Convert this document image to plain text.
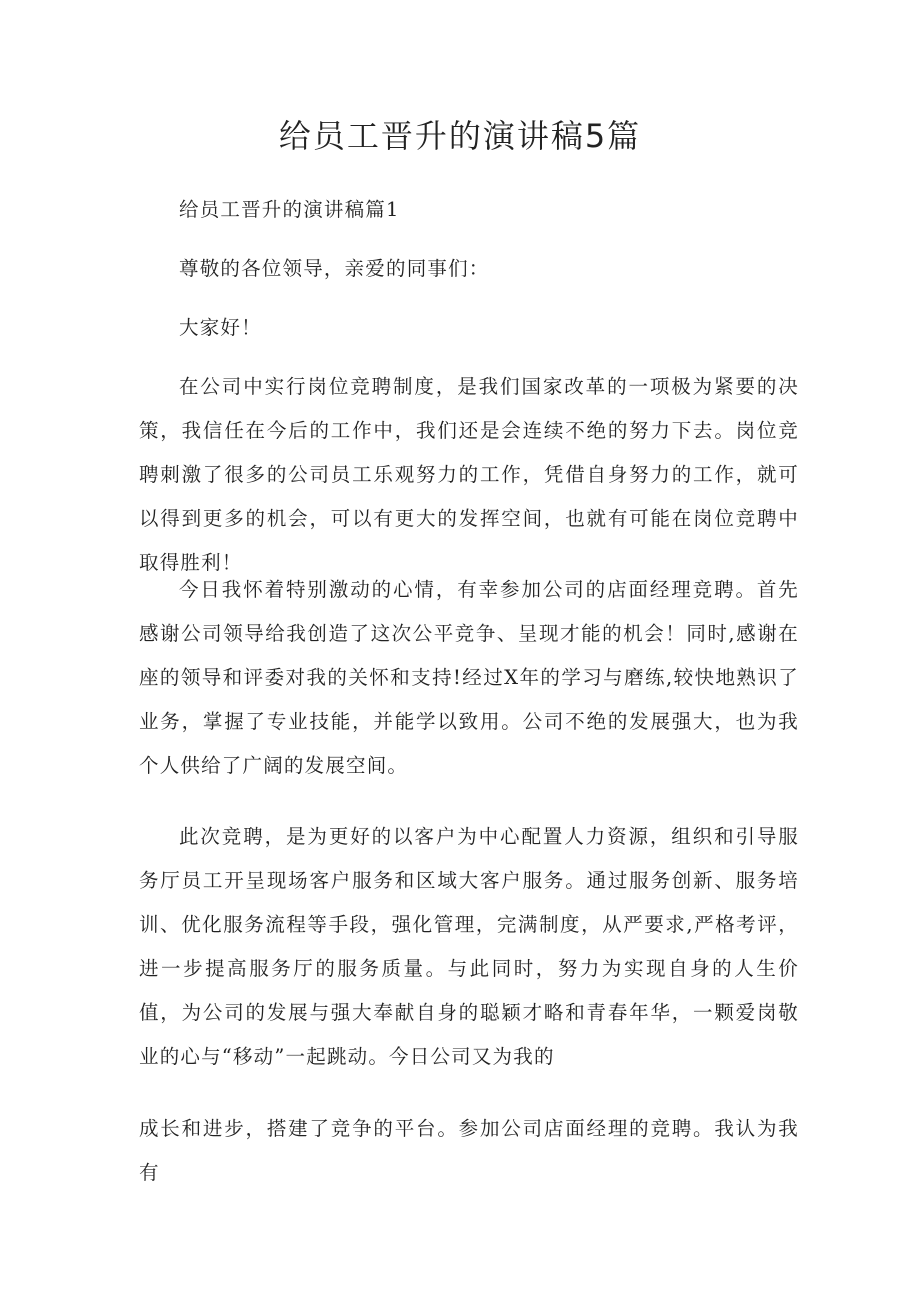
给员工晋升的演讲稿5篇

给员工晋升的演讲稿篇1

尊敬的各位领导，亲爱的同事们：

大家好！

在公司中实行岗位竞聘制度，是我们国家改革的一项极为紧要的决策，我信任在今后的工作中，我们还是会连续不绝的努力下去。岗位竞聘刺激了很多的公司员工乐观努力的工作，凭借自身努力的工作，就可以得到更多的机会，可以有更大的发挥空间，也就有可能在岗位竞聘中取得胜利！

今日我怀着特别激动的心情，有幸参加公司的店面经理竞聘。首先感谢公司领导给我创造了这次公平竞争、呈现才能的机会！同时,感谢在座的领导和评委对我的关怀和支持!经过X年的学习与磨练,较快地熟识了业务，掌握了专业技能，并能学以致用。公司不绝的发展强大，也为我个人供给了广阔的发展空间。

此次竞聘，是为更好的以客户为中心配置人力资源，组织和引导服务厅员工开呈现场客户服务和区域大客户服务。通过服务创新、服务培训、优化服务流程等手段，强化管理，完满制度，从严要求,严格考评，进一步提高服务厅的服务质量。与此同时，努力为实现自身的人生价值，为公司的发展与强大奉献自身的聪颖才略和青春年华，一颗爱岗敬业的心与“移动”一起跳动。今日公司又为我的

成长和进步，搭建了竞争的平台。参加公司店面经理的竞聘。我认为我有
